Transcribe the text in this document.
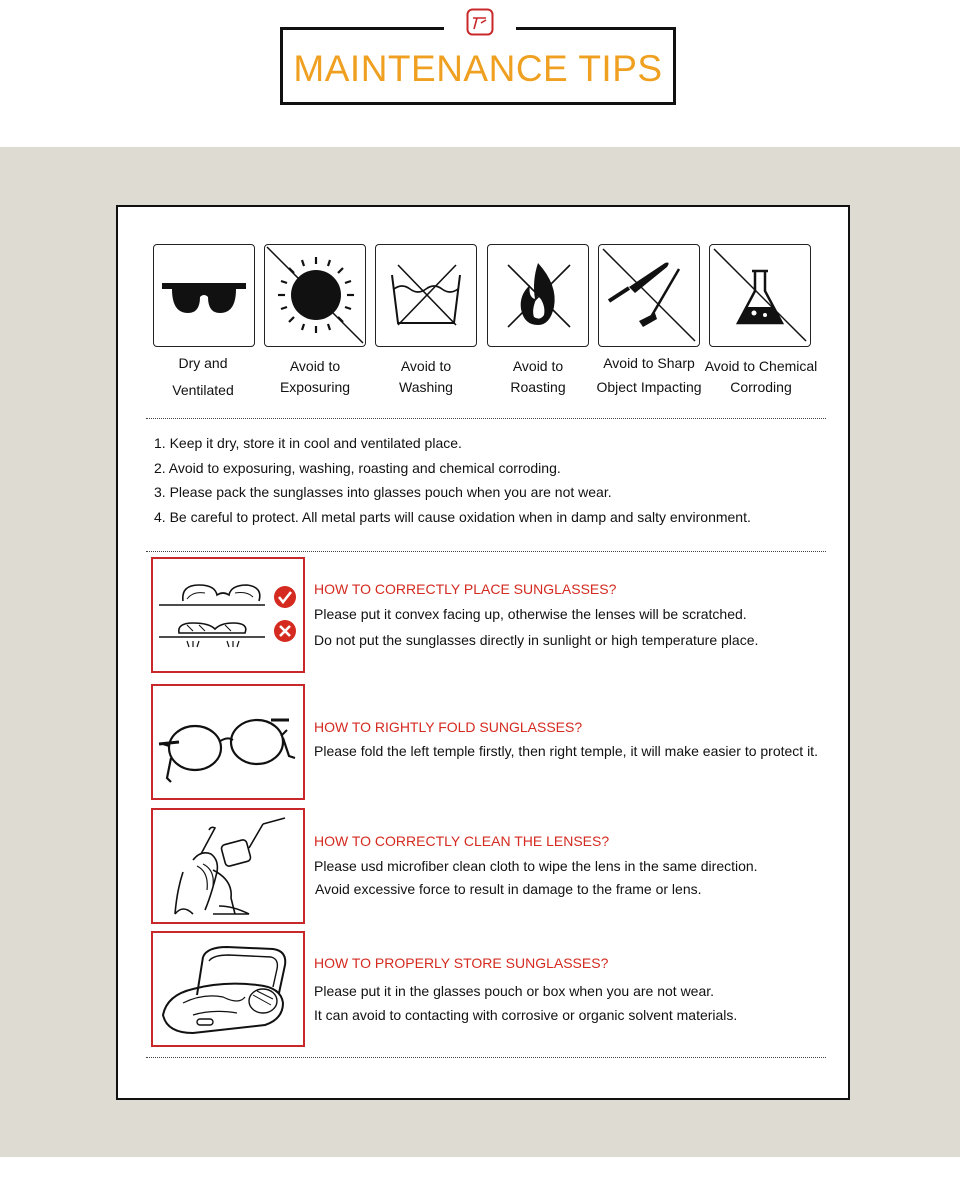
MAINTENANCE TIPS
Dry and
Ventilated
Avoid to
Exposuring
Avoid to
Washing
Avoid to
Roasting
Avoid to Sharp
Object Impacting
Avoid to Chemical
Corroding
1. Keep it dry, store it in cool and ventilated place.
2. Avoid to exposuring, washing, roasting and chemical corroding.
3. Please pack the sunglasses into glasses pouch when you are not wear.
4. Be careful to protect. All metal parts will cause oxidation when in damp and salty environment.
HOW TO CORRECTLY PLACE SUNGLASSES?
Please put it convex facing up, otherwise the lenses will be scratched.
Do not put the sunglasses directly in sunlight or high temperature place.
HOW TO RIGHTLY FOLD SUNGLASSES?
Please fold the left temple firstly, then right temple, it will make easier to protect it.
HOW TO CORRECTLY CLEAN THE LENSES?
Please usd microfiber clean cloth to wipe the lens in the same direction.
Avoid excessive force to result in damage to the frame or lens.
HOW TO PROPERLY STORE SUNGLASSES?
Please put it in the glasses pouch or box when you are not wear.
It can avoid to contacting with corrosive or organic solvent materials.
